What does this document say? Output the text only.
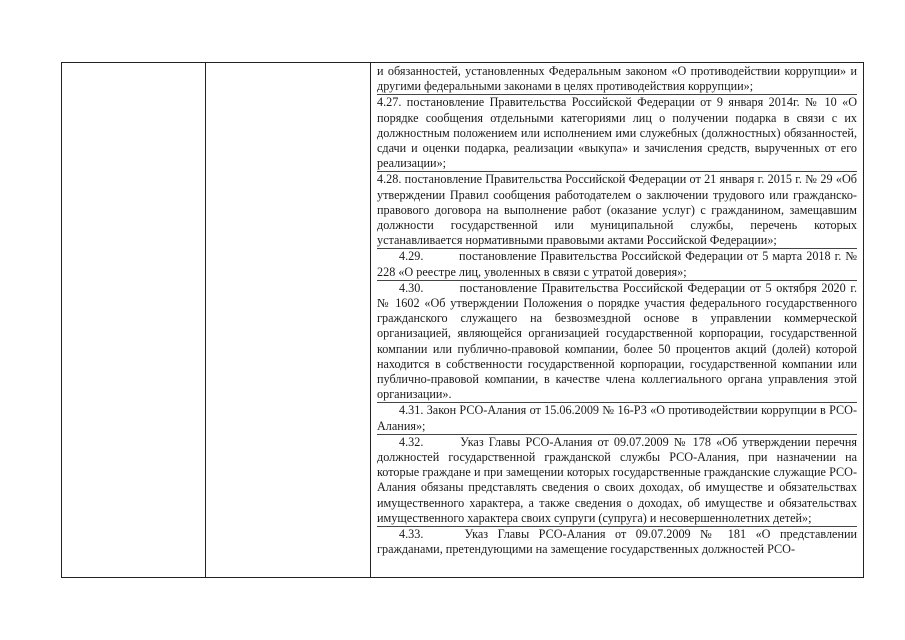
и обязанностей, установленных Федеральным законом «О противодействии коррупции» и другими федеральными законами в целях противодействия коррупции»;

4.27. постановление Правительства Российской Федерации от 9 января 2014г. № 10 «О порядке сообщения отдельными категориями лиц о получении подарка в связи с их должностным положением или исполнением ими служебных (должностных) обязанностей, сдачи и оценки подарка, реализации «выкупа» и зачисления средств, вырученных от его реализации»;

4.28. постановление Правительства Российской Федерации от 21 января г. 2015 г. № 29 «Об утверждении Правил сообщения работодателем о заключении трудового или гражданско-правового договора на выполнение работ (оказание услуг) с гражданином, замещавшим должности государственной или муниципальной службы, перечень которых устанавливается нормативными правовыми актами Российской Федерации»;

4.29.	постановление Правительства Российской Федерации от 5 марта 2018 г. № 228 «О реестре лиц, уволенных в связи с утратой доверия»;

4.30.	постановление Правительства Российской Федерации от 5 октября 2020 г. № 1602 «Об утверждении Положения о порядке участия федерального государственного гражданского служащего на безвозмездной основе в управлении коммерческой организацией, являющейся организацией государственной корпорации, государственной компании или публично-правовой компании, более 50 процентов акций (долей) которой находится в собственности государственной корпорации, государственной компании или публично-правовой компании, в качестве члена коллегиального органа управления этой организации».

4.31. Закон РСО-Алания от 15.06.2009 № 16-РЗ «О противодействии коррупции в РСО-Алания»;

4.32.	Указ Главы РСО-Алания от 09.07.2009 № 178 «Об утверждении перечня должностей государственной гражданской службы РСО-Алания, при назначении на которые граждане и при замещении которых государственные гражданские служащие РСО-Алания обязаны представлять сведения о своих доходах, об имуществе и обязательствах имущественного характера, а также сведения о доходах, об имуществе и обязательствах имущественного характера своих супруги (супруга) и несовершеннолетних детей»;

4.33.	Указ Главы РСО-Алания от 09.07.2009 № 181 «О представлении гражданами, претендующими на замещение государственных должностей РСО-
